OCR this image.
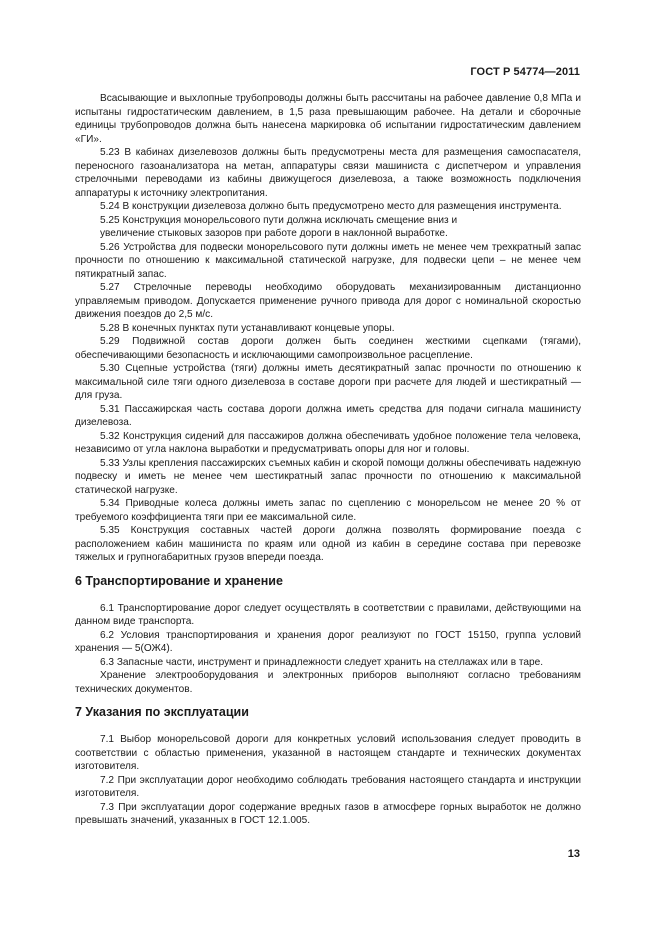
ГОСТ Р 54774—2011

Всасывающие и выхлопные трубопроводы должны быть рассчитаны на рабочее давление 0,8 МПа и испытаны гидростатическим давлением, в 1,5 раза превышающим рабочее. На детали и сборочные единицы трубопроводов должна быть нанесена маркировка об испытании гидростатическим давлением «ГИ».

5.23 В кабинах дизелевозов должны быть предусмотрены места для размещения самоспасателя, переносного газоанализатора на метан, аппаратуры связи машиниста с диспетчером и управления стрелочными переводами из кабины движущегося дизелевоза, а также возможность подключения аппаратуры к источнику электропитания.

5.24 В конструкции дизелевоза должно быть предусмотрено место для размещения инструмента.

5.25 Конструкция монорельсового пути должна исключать смещение вниз и

увеличение стыковых зазоров при работе дороги в наклонной выработке.

5.26 Устройства для подвески монорельсового пути должны иметь не менее чем трехкратный запас прочности по отношению к максимальной статической нагрузке, для подвески цепи – не менее чем пятикратный запас.

5.27 Стрелочные переводы необходимо оборудовать механизированным дистанционно управляемым приводом. Допускается применение ручного привода для дорог с номинальной скоростью движения поездов до 2,5 м/с.

5.28 В конечных пунктах пути устанавливают концевые упоры.

5.29 Подвижной состав дороги должен быть соединен жесткими сцепками (тягами), обеспечивающими безопасность и исключающими самопроизвольное расцепление.

5.30 Сцепные устройства (тяги) должны иметь десятикратный запас прочности по отношению к максимальной силе тяги одного дизелевоза в составе дороги при расчете для людей и шестикратный — для груза.

5.31 Пассажирская часть состава дороги должна иметь средства для подачи сигнала машинисту дизелевоза.

5.32 Конструкция сидений для пассажиров должна обеспечивать удобное положение тела человека, независимо от угла наклона выработки и предусматривать опоры для ног и головы.

5.33 Узлы крепления пассажирских съемных кабин и скорой помощи должны обеспечивать надежную подвеску и иметь не менее чем шестикратный запас прочности по отношению к максимальной статической нагрузке.

5.34 Приводные колеса должны иметь запас по сцеплению с монорельсом не менее 20 % от требуемого коэффициента тяги при ее максимальной силе.

5.35 Конструкция составных частей дороги должна позволять формирование поезда с расположением кабин машиниста по краям или одной из кабин в середине состава при перевозке тяжелых и групногабаритных грузов впереди поезда.

6 Транспортирование и хранение

6.1 Транспортирование дорог следует осуществлять в соответствии с правилами, действующими на данном виде транспорта.

6.2 Условия транспортирования и хранения дорог реализуют по ГОСТ 15150, группа условий хранения — 5(ОЖ4).

6.3 Запасные части, инструмент и принадлежности следует хранить на стеллажах или в таре.

Хранение электрооборудования и электронных приборов выполняют согласно требованиям технических документов.

7 Указания по эксплуатации

7.1 Выбор монорельсовой дороги для конкретных условий использования следует проводить в соответствии с областью применения, указанной в настоящем стандарте и технических документах изготовителя.

7.2 При эксплуатации дорог необходимо соблюдать требования настоящего стандарта и инструкции изготовителя.

7.3 При эксплуатации дорог содержание вредных газов в атмосфере горных выработок не должно превышать значений, указанных в ГОСТ 12.1.005.

13
